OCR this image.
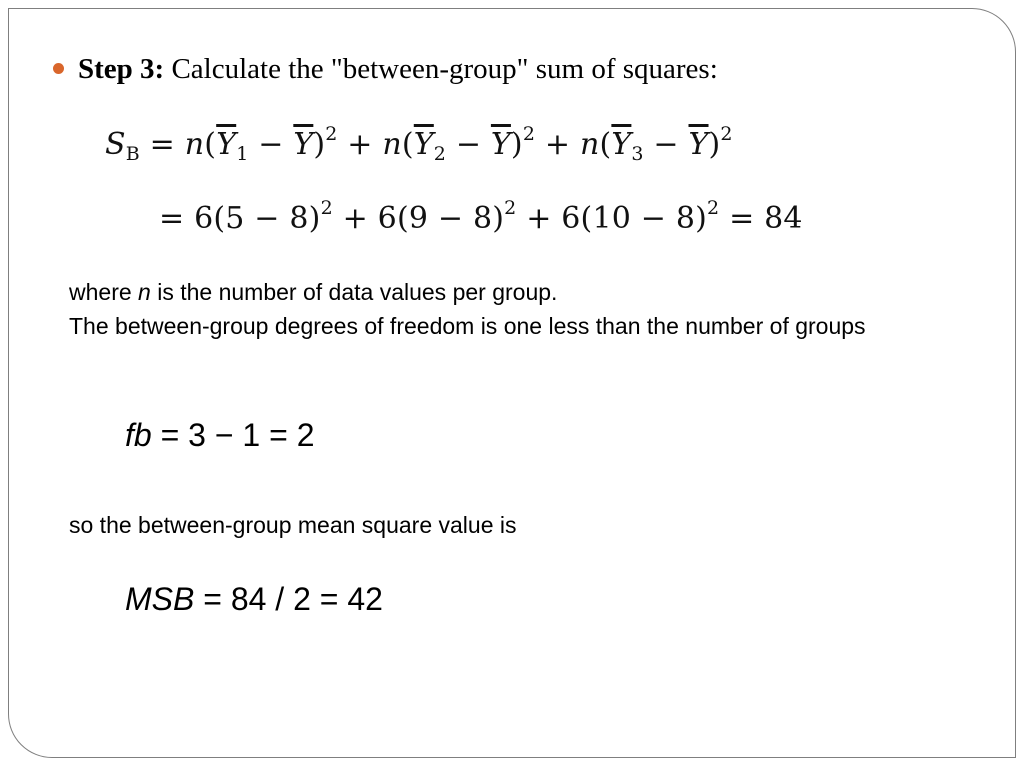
Step 3: Calculate the "between-group" sum of squares:
$S_B = n(\overline{Y}_1 - \overline{Y})^2 + n(\overline{Y}_2 - \overline{Y})^2 + n(\overline{Y}_3 - \overline{Y})^2$
= $6(5 - 8)^2 + 6(9 - 8)^2 + 6(10 - 8)^2 = 84$
where n is the number of data values per group.
The between-group degrees of freedom is one less than the number of groups
fb = 3 − 1 = 2
so the between-group mean square value is
MSB = 84 / 2 = 42
